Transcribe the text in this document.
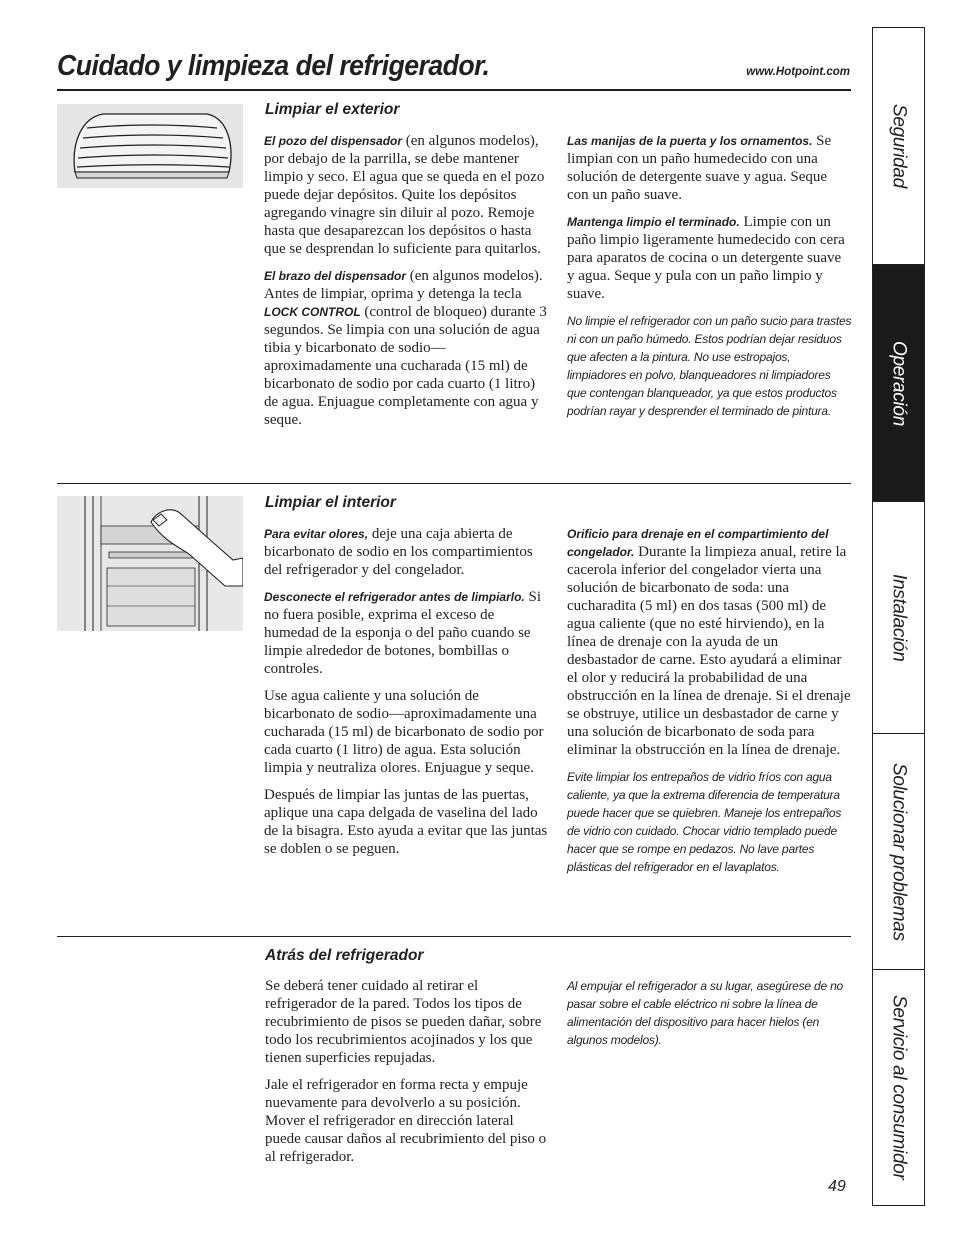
Cuidado y limpieza del refrigerador.	www.Hotpoint.com
Limpiar el exterior

El pozo del dispensador (en algunos modelos), por debajo de la parrilla, se debe mantener limpio y seco. El agua que se queda en el pozo puede dejar depósitos. Quite los depósitos agregando vinagre sin diluir al pozo. Remoje hasta que desaparezcan los depósitos o hasta que se desprendan lo suficiente para quitarlos.

El brazo del dispensador (en algunos modelos). Antes de limpiar, oprima y detenga la tecla LOCK CONTROL (control de bloqueo) durante 3 segundos. Se limpia con una solución de agua tibia y bicarbonato de sodio—aproximadamente una cucharada (15 ml) de bicarbonato de sodio por cada cuarto (1 litro) de agua. Enjuague completamente con agua y seque.

Las manijas de la puerta y los ornamentos. Se limpian con un paño humedecido con una solución de detergente suave y agua. Seque con un paño suave.

Mantenga limpio el terminado. Limpie con un paño limpio ligeramente humedecido con cera para aparatos de cocina o un detergente suave y agua. Seque y pula con un paño limpio y suave.

No limpie el refrigerador con un paño sucio para trastes ni con un paño húmedo. Estos podrían dejar residuos que afecten a la pintura. No use estropajos, limpiadores en polvo, blanqueadores ni limpiadores que contengan blanqueador, ya que estos productos podrían rayar y desprender el terminado de pintura.

Limpiar el interior

Para evitar olores, deje una caja abierta de bicarbonato de sodio en los compartimientos del refrigerador y del congelador.

Desconecte el refrigerador antes de limpiarlo. Si no fuera posible, exprima el exceso de humedad de la esponja o del paño cuando se limpie alrededor de botones, bombillas o controles.

Use agua caliente y una solución de bicarbonato de sodio—aproximadamente una cucharada (15 ml) de bicarbonato de sodio por cada cuarto (1 litro) de agua. Esta solución limpia y neutraliza olores. Enjuague y seque.

Después de limpiar las juntas de las puertas, aplique una capa delgada de vaselina del lado de la bisagra. Esto ayuda a evitar que las juntas se doblen o se peguen.

Orificio para drenaje en el compartimiento del congelador. Durante la limpieza anual, retire la cacerola inferior del congelador vierta una solución de bicarbonato de soda: una cucharadita (5 ml) en dos tasas (500 ml) de agua caliente (que no esté hirviendo), en la línea de drenaje con la ayuda de un desbastador de carne. Esto ayudará a eliminar el olor y reducirá la probabilidad de una obstrucción en la línea de drenaje. Si el drenaje se obstruye, utilice un desbastador de carne y una solución de bicarbonato de soda para eliminar la obstrucción en la línea de drenaje.

Evite limpiar los entrepaños de vidrio fríos con agua caliente, ya que la extrema diferencia de temperatura puede hacer que se quiebren. Maneje los entrepaños de vidrio con cuidado. Chocar vidrio templado puede hacer que se rompe en pedazos. No lave partes plásticas del refrigerador en el lavaplatos.

Atrás del refrigerador

Se deberá tener cuidado al retirar el refrigerador de la pared. Todos los tipos de recubrimiento de pisos se pueden dañar, sobre todo los recubrimientos acojinados y los que tienen superficies repujadas.

Jale el refrigerador en forma recta y empuje nuevamente para devolverlo a su posición. Mover el refrigerador en dirección lateral puede causar daños al recubrimiento del piso o al refrigerador.

Al empujar el refrigerador a su lugar, asegúrese de no pasar sobre el cable eléctrico ni sobre la línea de alimentación del dispositivo para hacer hielos (en algunos modelos).

Seguridad
Operación
Instalación
Solucionar problemas
Servicio al consumidor
49
